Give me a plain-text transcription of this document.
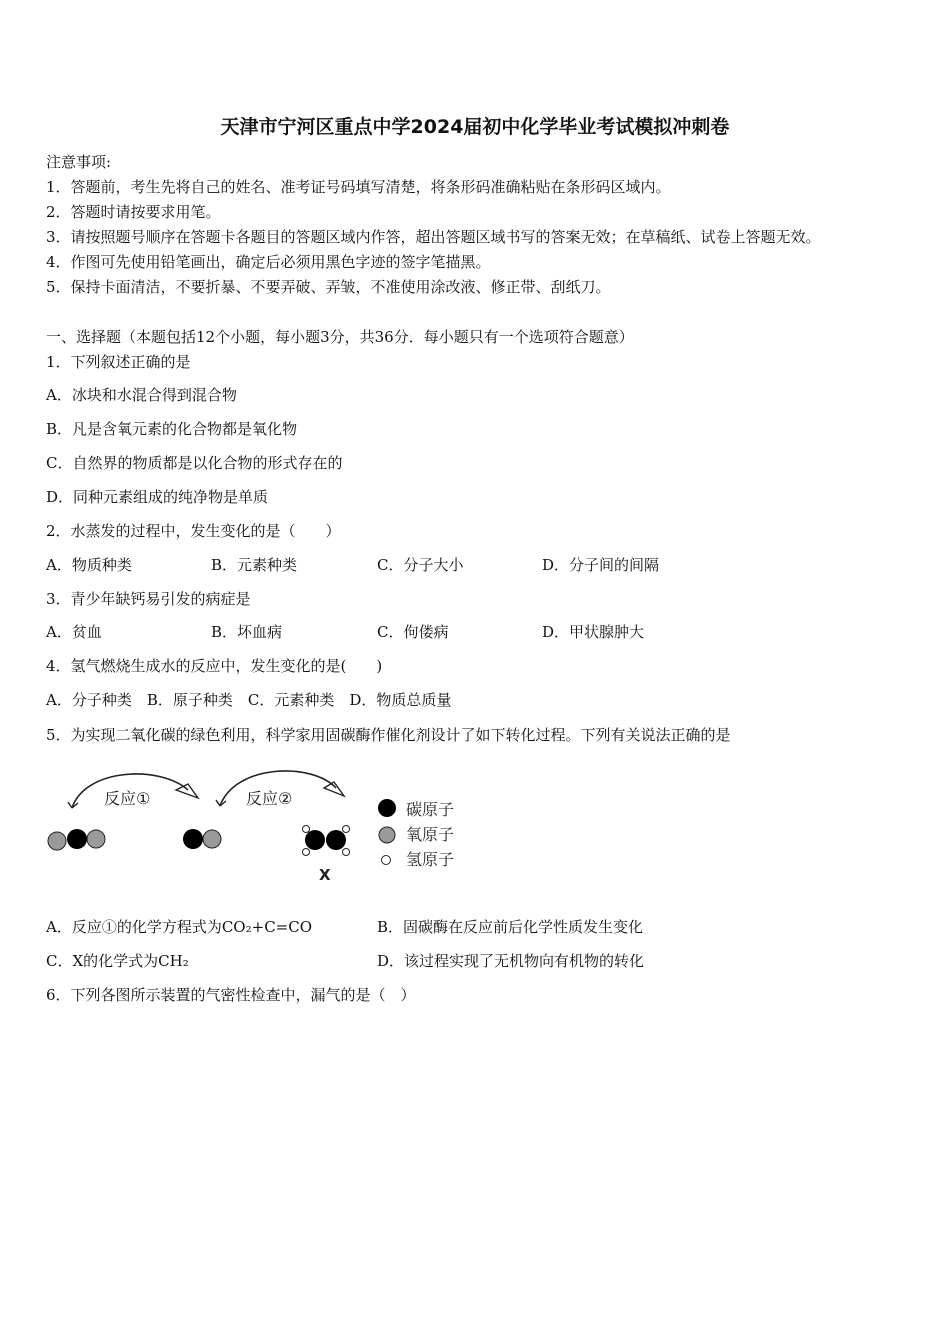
天津市宁河区重点中学2024届初中化学毕业考试模拟冲刺卷
注意事项:
1．答题前，考生先将自己的姓名、准考证号码填写清楚，将条形码准确粘贴在条形码区域内。
2．答题时请按要求用笔。
3．请按照题号顺序在答题卡各题目的答题区域内作答，超出答题区域书写的答案无效；在草稿纸、试卷上答题无效。
4．作图可先使用铅笔画出，确定后必须用黑色字迹的签字笔描黑。
5．保持卡面清洁，不要折暴、不要弄破、弄皱，不准使用涂改液、修正带、刮纸刀。
一、选择题（本题包括12个小题，每小题3分，共36分．每小题只有一个选项符合题意）
1．下列叙述正确的是
A．冰块和水混合得到混合物
B．凡是含氧元素的化合物都是氧化物
C．自然界的物质都是以化合物的形式存在的
D．同种元素组成的纯净物是单质
2．水蒸发的过程中，发生变化的是（　　）
A．物质种类	B．元素种类	C．分子大小	D．分子间的间隔
3．青少年缺钙易引发的病症是
A．贫血	B．坏血病	C．佝偻病	D．甲状腺肿大
4．氢气燃烧生成水的反应中，发生变化的是(　　)
A．分子种类　B．原子种类　C．元素种类　D．物质总质量
5．为实现二氧化碳的绿色利用，科学家用固碳酶作催化剂设计了如下转化过程。下列有关说法正确的是
反应①	反应②
X
碳原子
氧原子
氢原子
A．反应①的化学方程式为CO₂+C=CO	B．固碳酶在反应前后化学性质发生变化
C．X的化学式为CH₂	D．该过程实现了无机物向有机物的转化
6．下列各图所示装置的气密性检查中，漏气的是（　）
